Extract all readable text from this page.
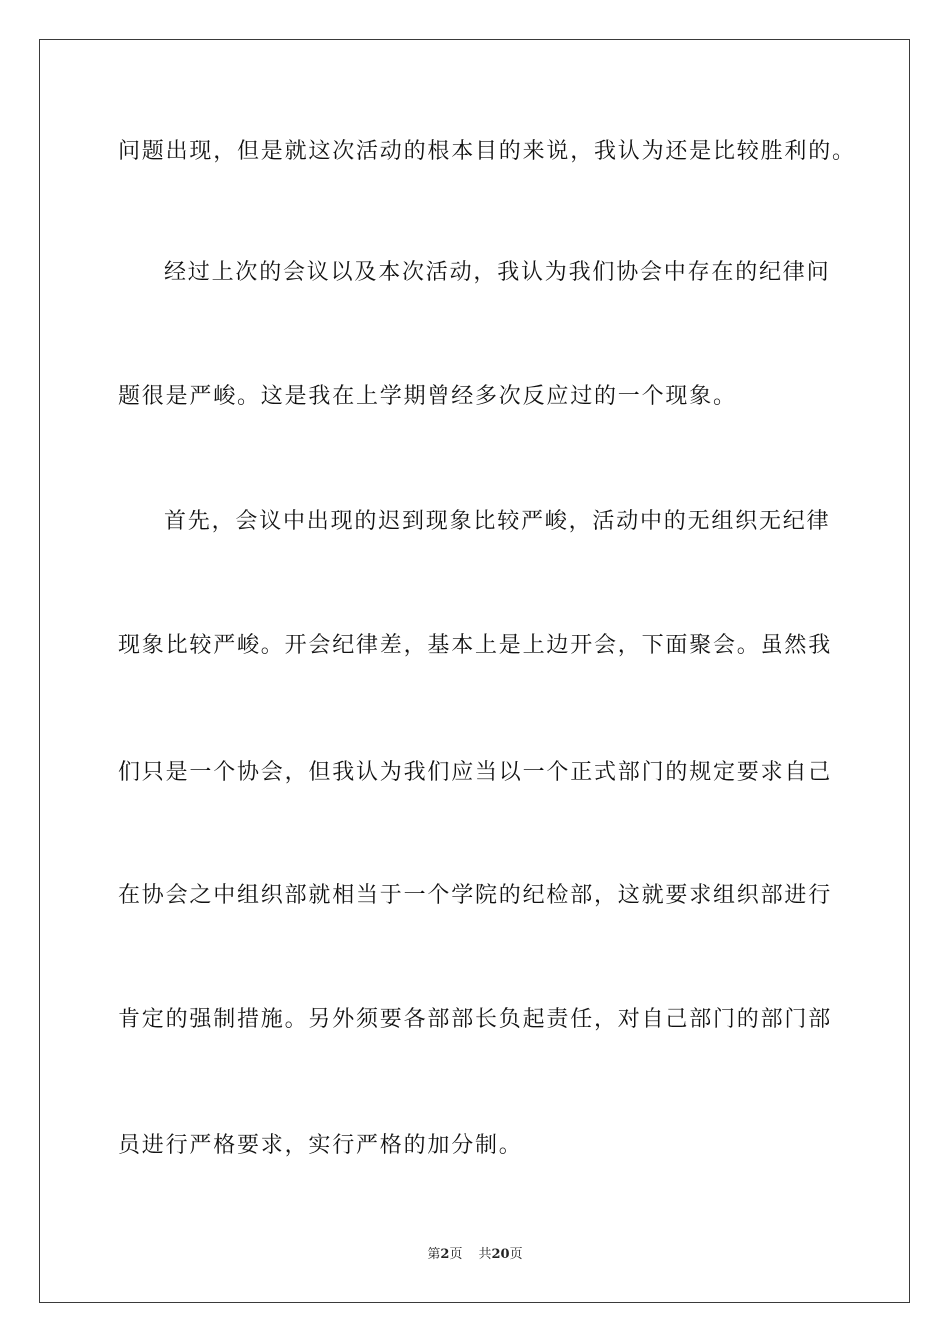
问题出现，但是就这次活动的根本目的来说，我认为还是比较胜利的。
经过上次的会议以及本次活动，我认为我们协会中存在的纪律问
题很是严峻。这是我在上学期曾经多次反应过的一个现象。
首先，会议中出现的迟到现象比较严峻，活动中的无组织无纪律
现象比较严峻。开会纪律差，基本上是上边开会，下面聚会。虽然我
们只是一个协会，但我认为我们应当以一个正式部门的规定要求自己
在协会之中组织部就相当于一个学院的纪检部，这就要求组织部进行
肯定的强制措施。另外须要各部部长负起责任，对自己部门的部门部
员进行严格要求，实行严格的加分制。
第2页 共20页
